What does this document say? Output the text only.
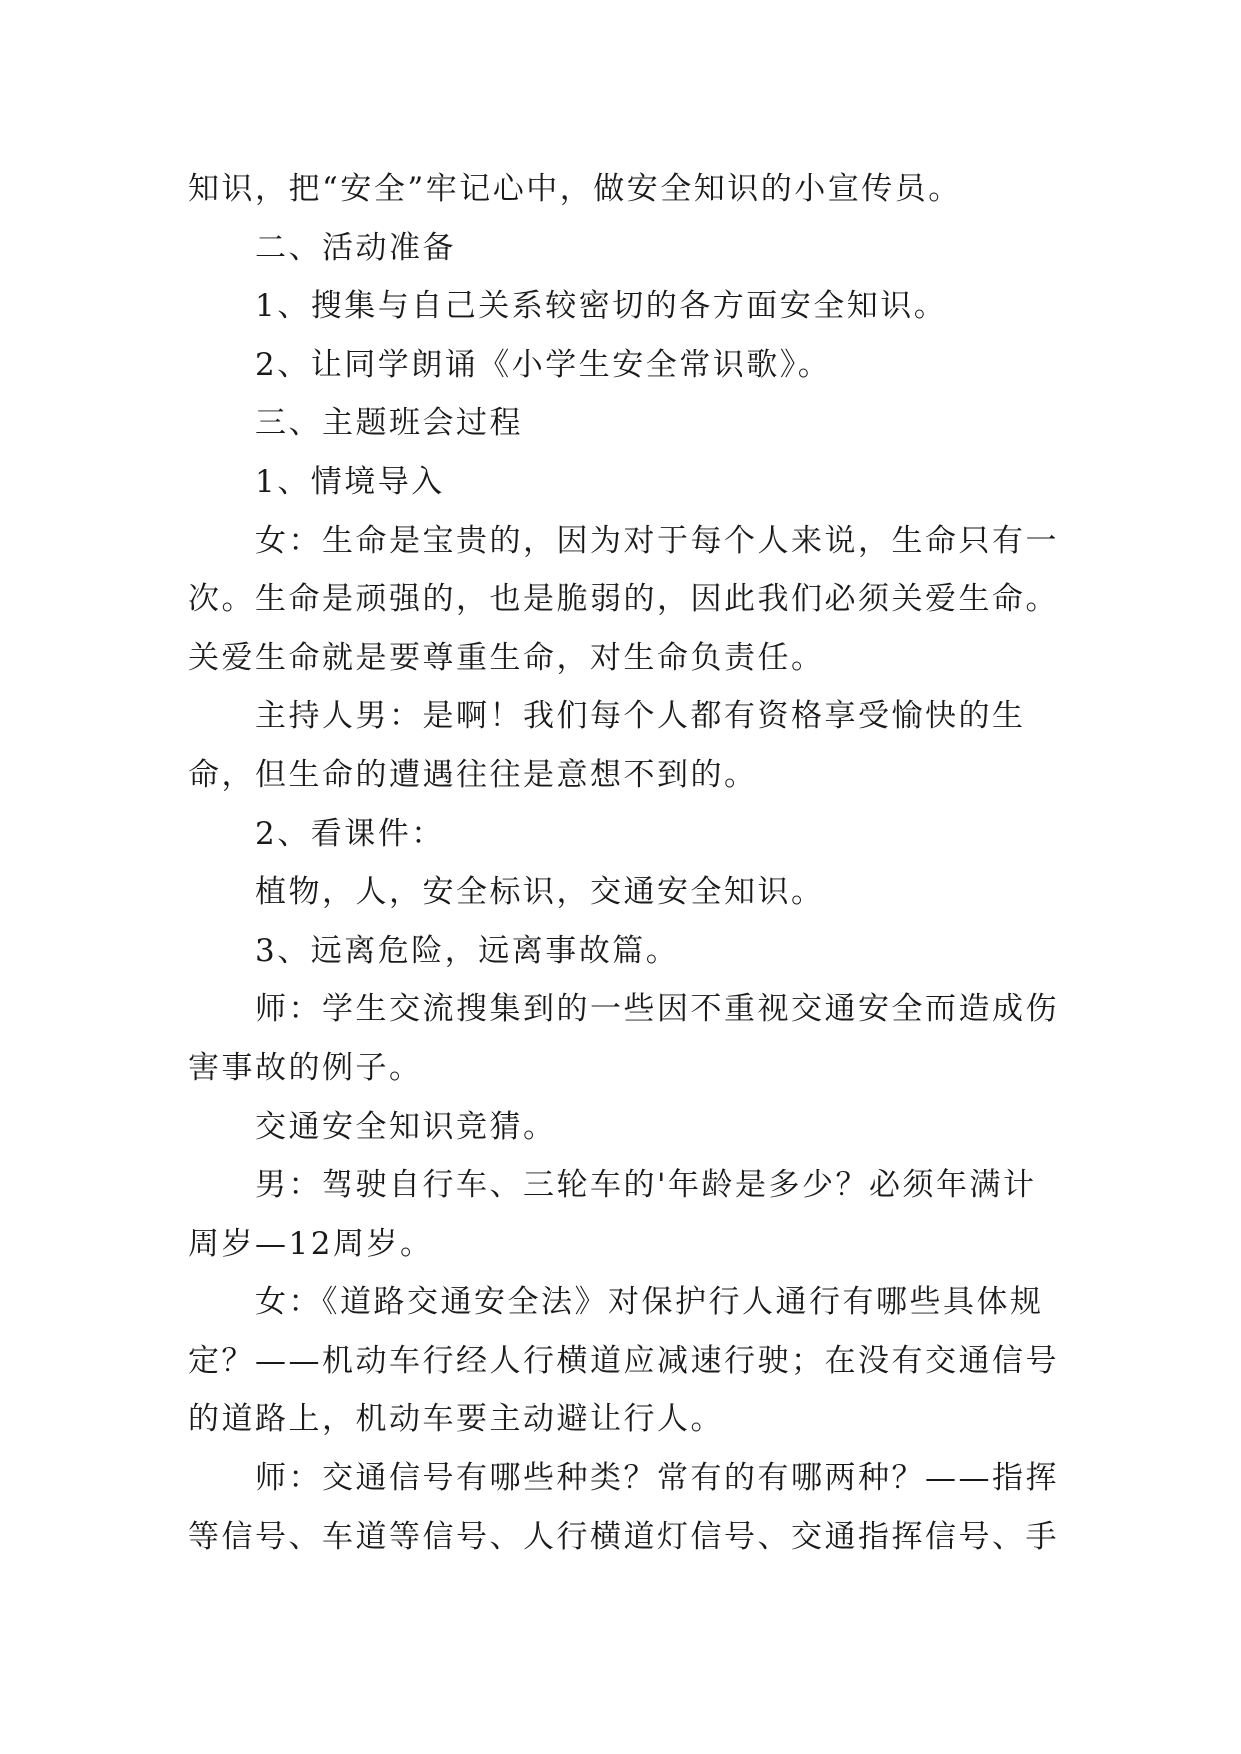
知识，把“安全”牢记心中，做安全知识的小宣传员。

二、活动准备

1、搜集与自己关系较密切的各方面安全知识。

2、让同学朗诵《小学生安全常识歌》。

三、主题班会过程

1、情境导入

女：生命是宝贵的，因为对于每个人来说，生命只有一次。生命是顽强的，也是脆弱的，因此我们必须关爱生命。关爱生命就是要尊重生命，对生命负责任。

主持人男：是啊！我们每个人都有资格享受愉快的生命，但生命的遭遇往往是意想不到的。

2、看课件：

植物，人，安全标识，交通安全知识。

3、远离危险，远离事故篇。

师：学生交流搜集到的一些因不重视交通安全而造成伤害事故的例子。

交通安全知识竞猜。

男：驾驶自行车、三轮车的'年龄是多少？必须年满计周岁—12周岁。

女：《道路交通安全法》对保护行人通行有哪些具体规定？——机动车行经人行横道应减速行驶；在没有交通信号的道路上，机动车要主动避让行人。

师：交通信号有哪些种类？常有的有哪两种？——指挥等信号、车道等信号、人行横道灯信号、交通指挥信号、手
